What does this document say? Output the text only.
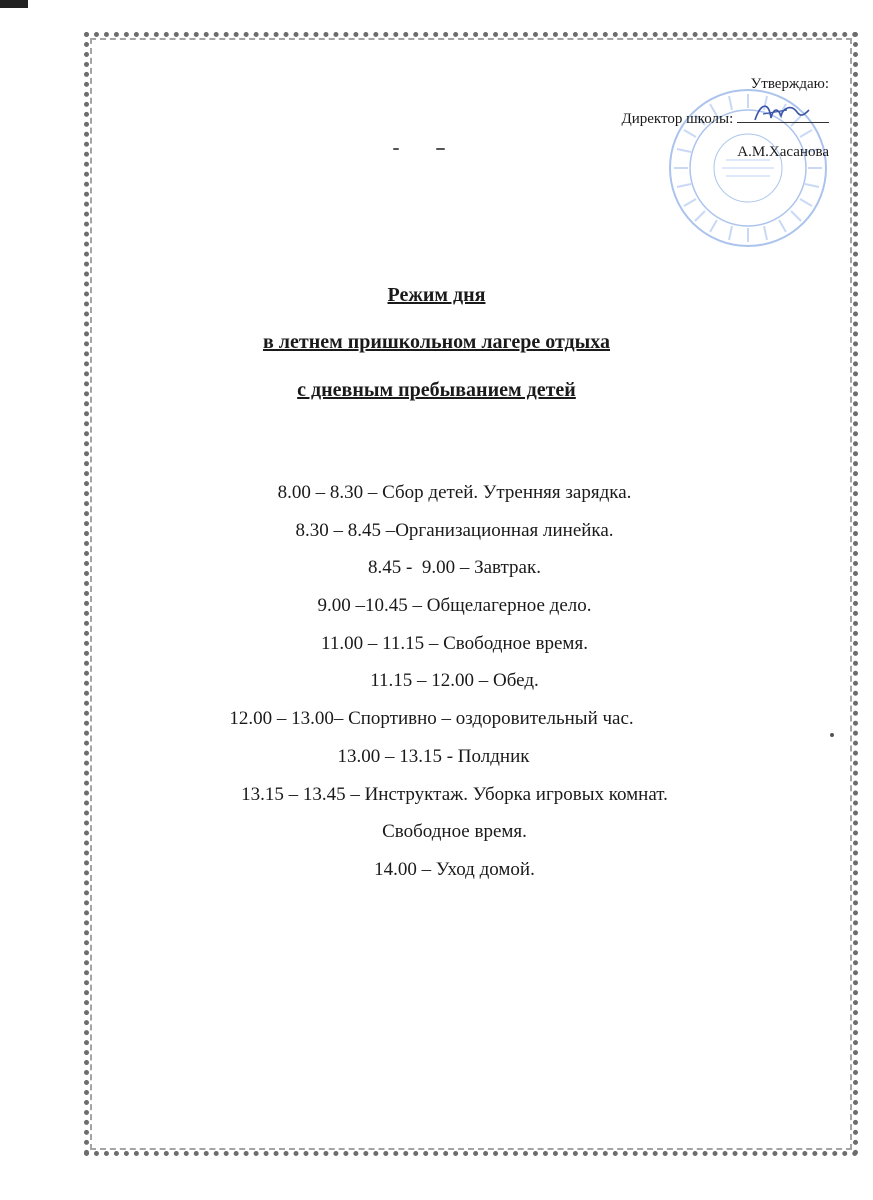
Утверждаю:
Директор школы:
А.М.Хасанова
Режим дня
в летнем пришкольном лагере отдыха
с дневным пребыванием детей
8.00 – 8.30 – Сбор детей. Утренняя зарядка.
8.30 – 8.45 –Организационная линейка.
8.45 -  9.00 – Завтрак.
9.00 –10.45 – Общелагерное дело.
11.00 – 11.15 – Свободное время.
11.15 – 12.00 – Обед.
12.00 – 13.00– Спортивно – оздоровительный час.
13.00 – 13.15 - Полдник
13.15 – 13.45 – Инструктаж. Уборка игровых комнат.
Свободное время.
14.00 – Уход домой.
